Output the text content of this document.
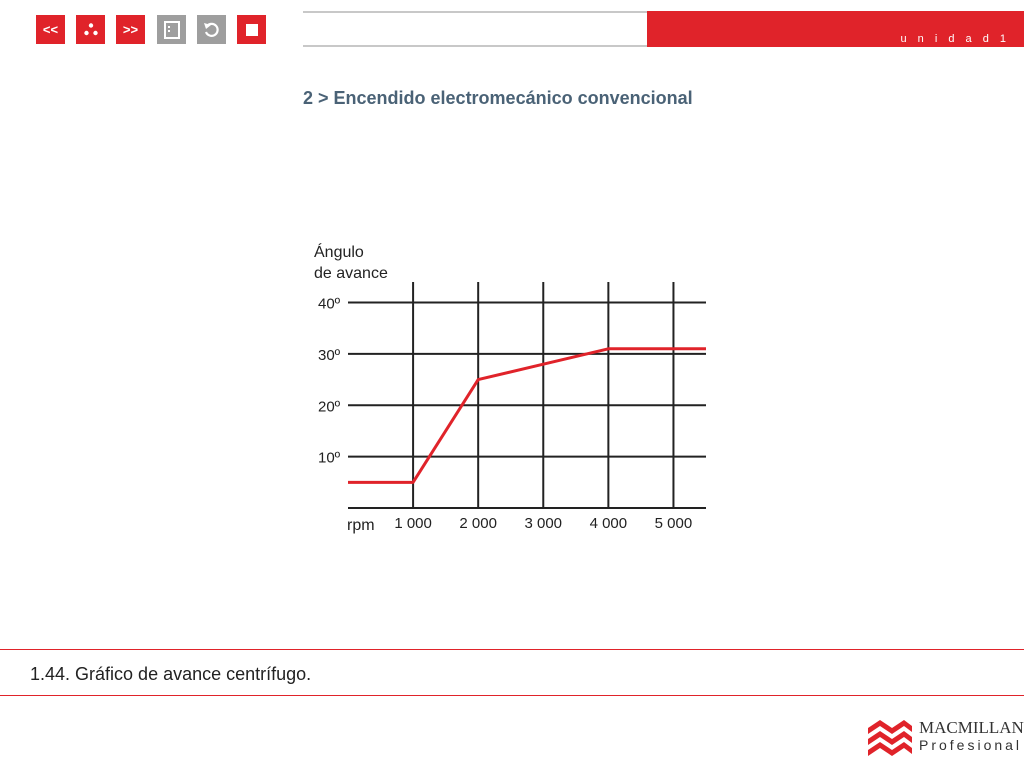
<<	>>
u n i d a d 1
2 > Encendido electromecánico convencional
Ángulo
de avance
rpm
10º
20º
30º
40º
1 000 2 000 3 000 4 000 5 000
1.44. Gráfico de avance centrífugo.
MACMILLAN
Profesional
